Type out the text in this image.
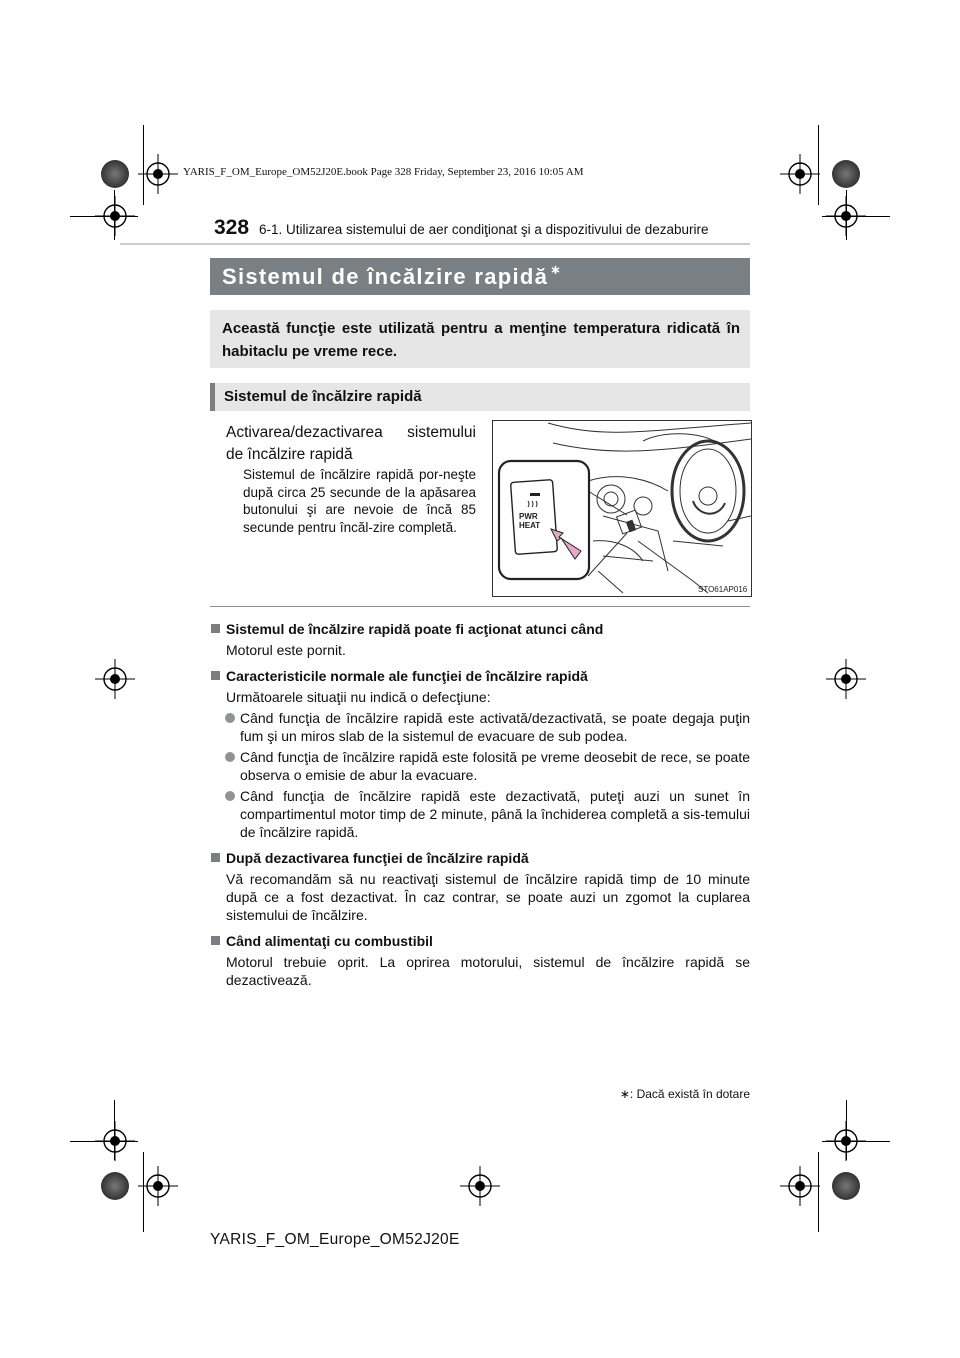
YARIS_F_OM_Europe_OM52J20E.book Page 328 Friday, September 23, 2016 10:05 AM
328 6-1. Utilizarea sistemului de aer condiţionat şi a dispozitivului de dezaburire
Sistemul de încălzire rapidă ∗
Această funcţie este utilizată pentru a menţine temperatura ridicată în habitaclu pe vreme rece.
Sistemul de încălzire rapidă
Activarea/dezactivarea sistemului
de încălzire rapidă
Sistemul de încălzire rapidă por-neşte după circa 25 secunde de la apăsarea butonului şi are nevoie de încă 85 secunde pentru încăl-zire completă.
PWR
HEAT
STO61AP016
Sistemul de încălzire rapidă poate fi acţionat atunci când
Motorul este pornit.
Caracteristicile normale ale funcţiei de încălzire rapidă
Următoarele situaţii nu indică o defecţiune:
Când funcţia de încălzire rapidă este activată/dezactivată, se poate degaja puţin fum şi un miros slab de la sistemul de evacuare de sub podea.
Când funcţia de încălzire rapidă este folosită pe vreme deosebit de rece, se poate observa o emisie de abur la evacuare.
Când funcţia de încălzire rapidă este dezactivată, puteţi auzi un sunet în compartimentul motor timp de 2 minute, până la închiderea completă a sis-temului de încălzire rapidă.
După dezactivarea funcţiei de încălzire rapidă
Vă recomandăm să nu reactivaţi sistemul de încălzire rapidă timp de 10 minute după ce a fost dezactivat. În caz contrar, se poate auzi un zgomot la cuplarea sistemului de încălzire.
Când alimentaţi cu combustibil
Motorul trebuie oprit. La oprirea motorului, sistemul de încălzire rapidă se dezactivează.
∗: Dacă există în dotare
YARIS_F_OM_Europe_OM52J20E
